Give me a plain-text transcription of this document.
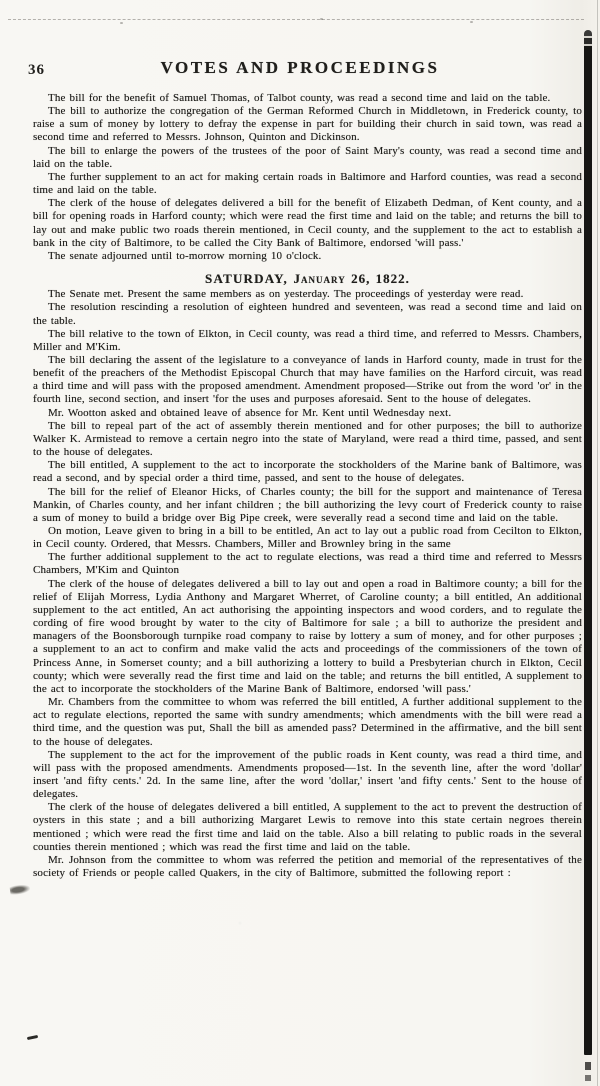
36	VOTES AND PROCEEDINGS

The bill for the benefit of Samuel Thomas, of Talbot county, was read a second time and laid on the table.

The bill to authorize the congregation of the German Reformed Church in Middletown, in Frederick county, to raise a sum of money by lottery to defray the expense in part for building their church in said town, was read a second time and referred to Messrs. Johnson, Quinton and Dickinson.

The bill to enlarge the powers of the trustees of the poor of Saint Mary's county, was read a second time and laid on the table.

The further supplement to an act for making certain roads in Baltimore and Harford counties, was read a second time and laid on the table.

The clerk of the house of delegates delivered a bill for the benefit of Elizabeth Dedman, of Kent county, and a bill for opening roads in Harford county; which were read the first time and laid on the table; and returns the bill to lay out and make public two roads therein mentioned, in Cecil county, and the supplement to the act to establish a bank in the city of Baltimore, to be called the City Bank of Baltimore, endorsed 'will pass.'

The senate adjourned until to-morrow morning 10 o'clock.

SATURDAY, January 26, 1822.

The Senate met. Present the same members as on yesterday. The proceedings of yesterday were read.

The resolution rescinding a resolution of eighteen hundred and seventeen, was read a second time and laid on the table.

The bill relative to the town of Elkton, in Cecil county, was read a third time, and referred to Messrs. Chambers, Miller and M'Kim.

The bill declaring the assent of the legislature to a conveyance of lands in Harford county, made in trust for the benefit of the preachers of the Methodist Episcopal Church that may have families on the Harford circuit, was read a third time and will pass with the proposed amendment. Amendment proposed—Strike out from the word 'or' in the fourth line, second section, and insert 'for the uses and purposes aforesaid. Sent to the house of delegates.

Mr. Wootton asked and obtained leave of absence for Mr. Kent until Wednesday next.

The bill to repeal part of the act of assembly therein mentioned and for other purposes; the bill to authorize Walker K. Armistead to remove a certain negro into the state of Maryland, were read a third time, passed, and sent to the house of delegates.

The bill entitled, A supplement to the act to incorporate the stockholders of the Marine bank of Baltimore, was read a second, and by special order a third time, passed, and sent to the house of delegates.

The bill for the relief of Eleanor Hicks, of Charles county; the bill for the support and maintenance of Teresa Mankin, of Charles county, and her infant children ; the bill authorizing the levy court of Frederick county to raise a sum of money to build a bridge over Big Pipe creek, were severally read a second time and laid on the table.

On motion, Leave given to bring in a bill to be entitled, An act to lay out a public road from Cecilton to Elkton, in Cecil county. Ordered, that Messrs. Chambers, Miller and Brownley bring in the same

The further additional supplement to the act to regulate elections, was read a third time and referred to Messrs Chambers, M'Kim and Quinton

The clerk of the house of delegates delivered a bill to lay out and open a road in Baltimore county; a bill for the relief of Elijah Morress, Lydia Anthony and Margaret Wherret, of Caroline county; a bill entitled, An additional supplement to the act entitled, An act authorising the appointing inspectors and wood corders, and to regulate the cording of fire wood brought by water to the city of Baltimore for sale ; a bill to authorize the president and managers of the Boonsborough turnpike road company to raise by lottery a sum of money, and for other purposes ; a supplement to an act to confirm and make valid the acts and proceedings of the commissioners of the town of Princess Anne, in Somerset county; and a bill authorizing a lottery to build a Presbyterian church in Elkton, Cecil county; which were severally read the first time and laid on the table; and returns the bill entitled, A supplement to the act to incorporate the stockholders of the Marine Bank of Baltimore, endorsed 'will pass.'

Mr. Chambers from the committee to whom was referred the bill entitled, A further additional supplement to the act to regulate elections, reported the same with sundry amendments; which amendments with the bill were read a third time, and the question was put, Shall the bill as amended pass? Determined in the affirmative, and the bill sent to the house of delegates.

The supplement to the act for the improvement of the public roads in Kent county, was read a third time, and will pass with the proposed amendments. Amendments proposed—1st. In the seventh line, after the word 'dollar' insert 'and fifty cents.' 2d. In the same line, after the word 'dollar,' insert 'and fifty cents.' Sent to the house of delegates.

The clerk of the house of delegates delivered a bill entitled, A supplement to the act to prevent the destruction of oysters in this state ; and a bill authorizing Margaret Lewis to remove into this state certain negroes therein mentioned ; which were read the first time and laid on the table. Also a bill relating to public roads in the several counties therein mentioned ; which was read the first time and laid on the table.

Mr. Johnson from the committee to whom was referred the petition and memorial of the representatives of the society of Friends or people called Quakers, in the city of Baltimore, submitted the following report :
